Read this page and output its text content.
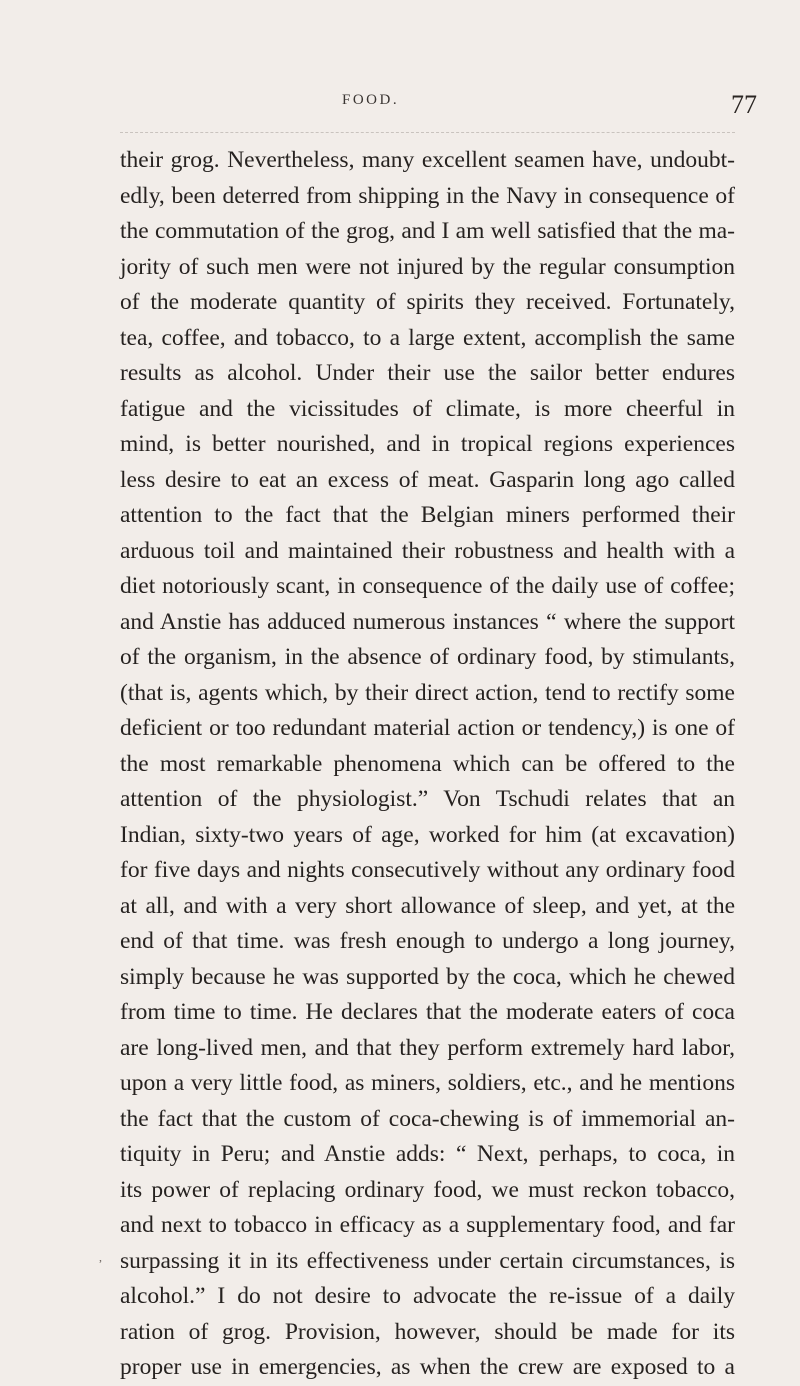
FOOD.	77
their grog. Nevertheless, many excellent seamen have, undoubt-
edly, been deterred from shipping in the Navy in consequence of
the commutation of the grog, and I am well satisfied that the ma-
jority of such men were not injured by the regular consumption
of the moderate quantity of spirits they received. Fortunately,
tea, coffee, and tobacco, to a large extent, accomplish the same
results as alcohol. Under their use the sailor better endures
fatigue and the vicissitudes of climate, is more cheerful in
mind, is better nourished, and in tropical regions experiences
less desire to eat an excess of meat. Gasparin long ago called
attention to the fact that the Belgian miners performed their
arduous toil and maintained their robustness and health with a
diet notoriously scant, in consequence of the daily use of coffee;
and Anstie has adduced numerous instances “ where the support
of the organism, in the absence of ordinary food, by stimulants,
(that is, agents which, by their direct action, tend to rectify some
deficient or too redundant material action or tendency,) is one of
the most remarkable phenomena which can be offered to the
attention of the physiologist.” Von Tschudi relates that an
Indian, sixty-two years of age, worked for him (at excavation)
for five days and nights consecutively without any ordinary food
at all, and with a very short allowance of sleep, and yet, at the
end of that time. was fresh enough to undergo a long journey,
simply because he was supported by the coca, which he chewed
from time to time. He declares that the moderate eaters of coca
are long-lived men, and that they perform extremely hard labor,
upon a very little food, as miners, soldiers, etc., and he mentions
the fact that the custom of coca-chewing is of immemorial an-
tiquity in Peru; and Anstie adds: “ Next, perhaps, to coca, in
its power of replacing ordinary food, we must reckon tobacco,
and next to tobacco in efficacy as a supplementary food, and far
surpassing it in its effectiveness under certain circumstances, is
alcohol.” I do not desire to advocate the re-issue of a daily
ration of grog. Provision, however, should be made for its
proper use in emergencies, as when the crew are exposed to a
,
